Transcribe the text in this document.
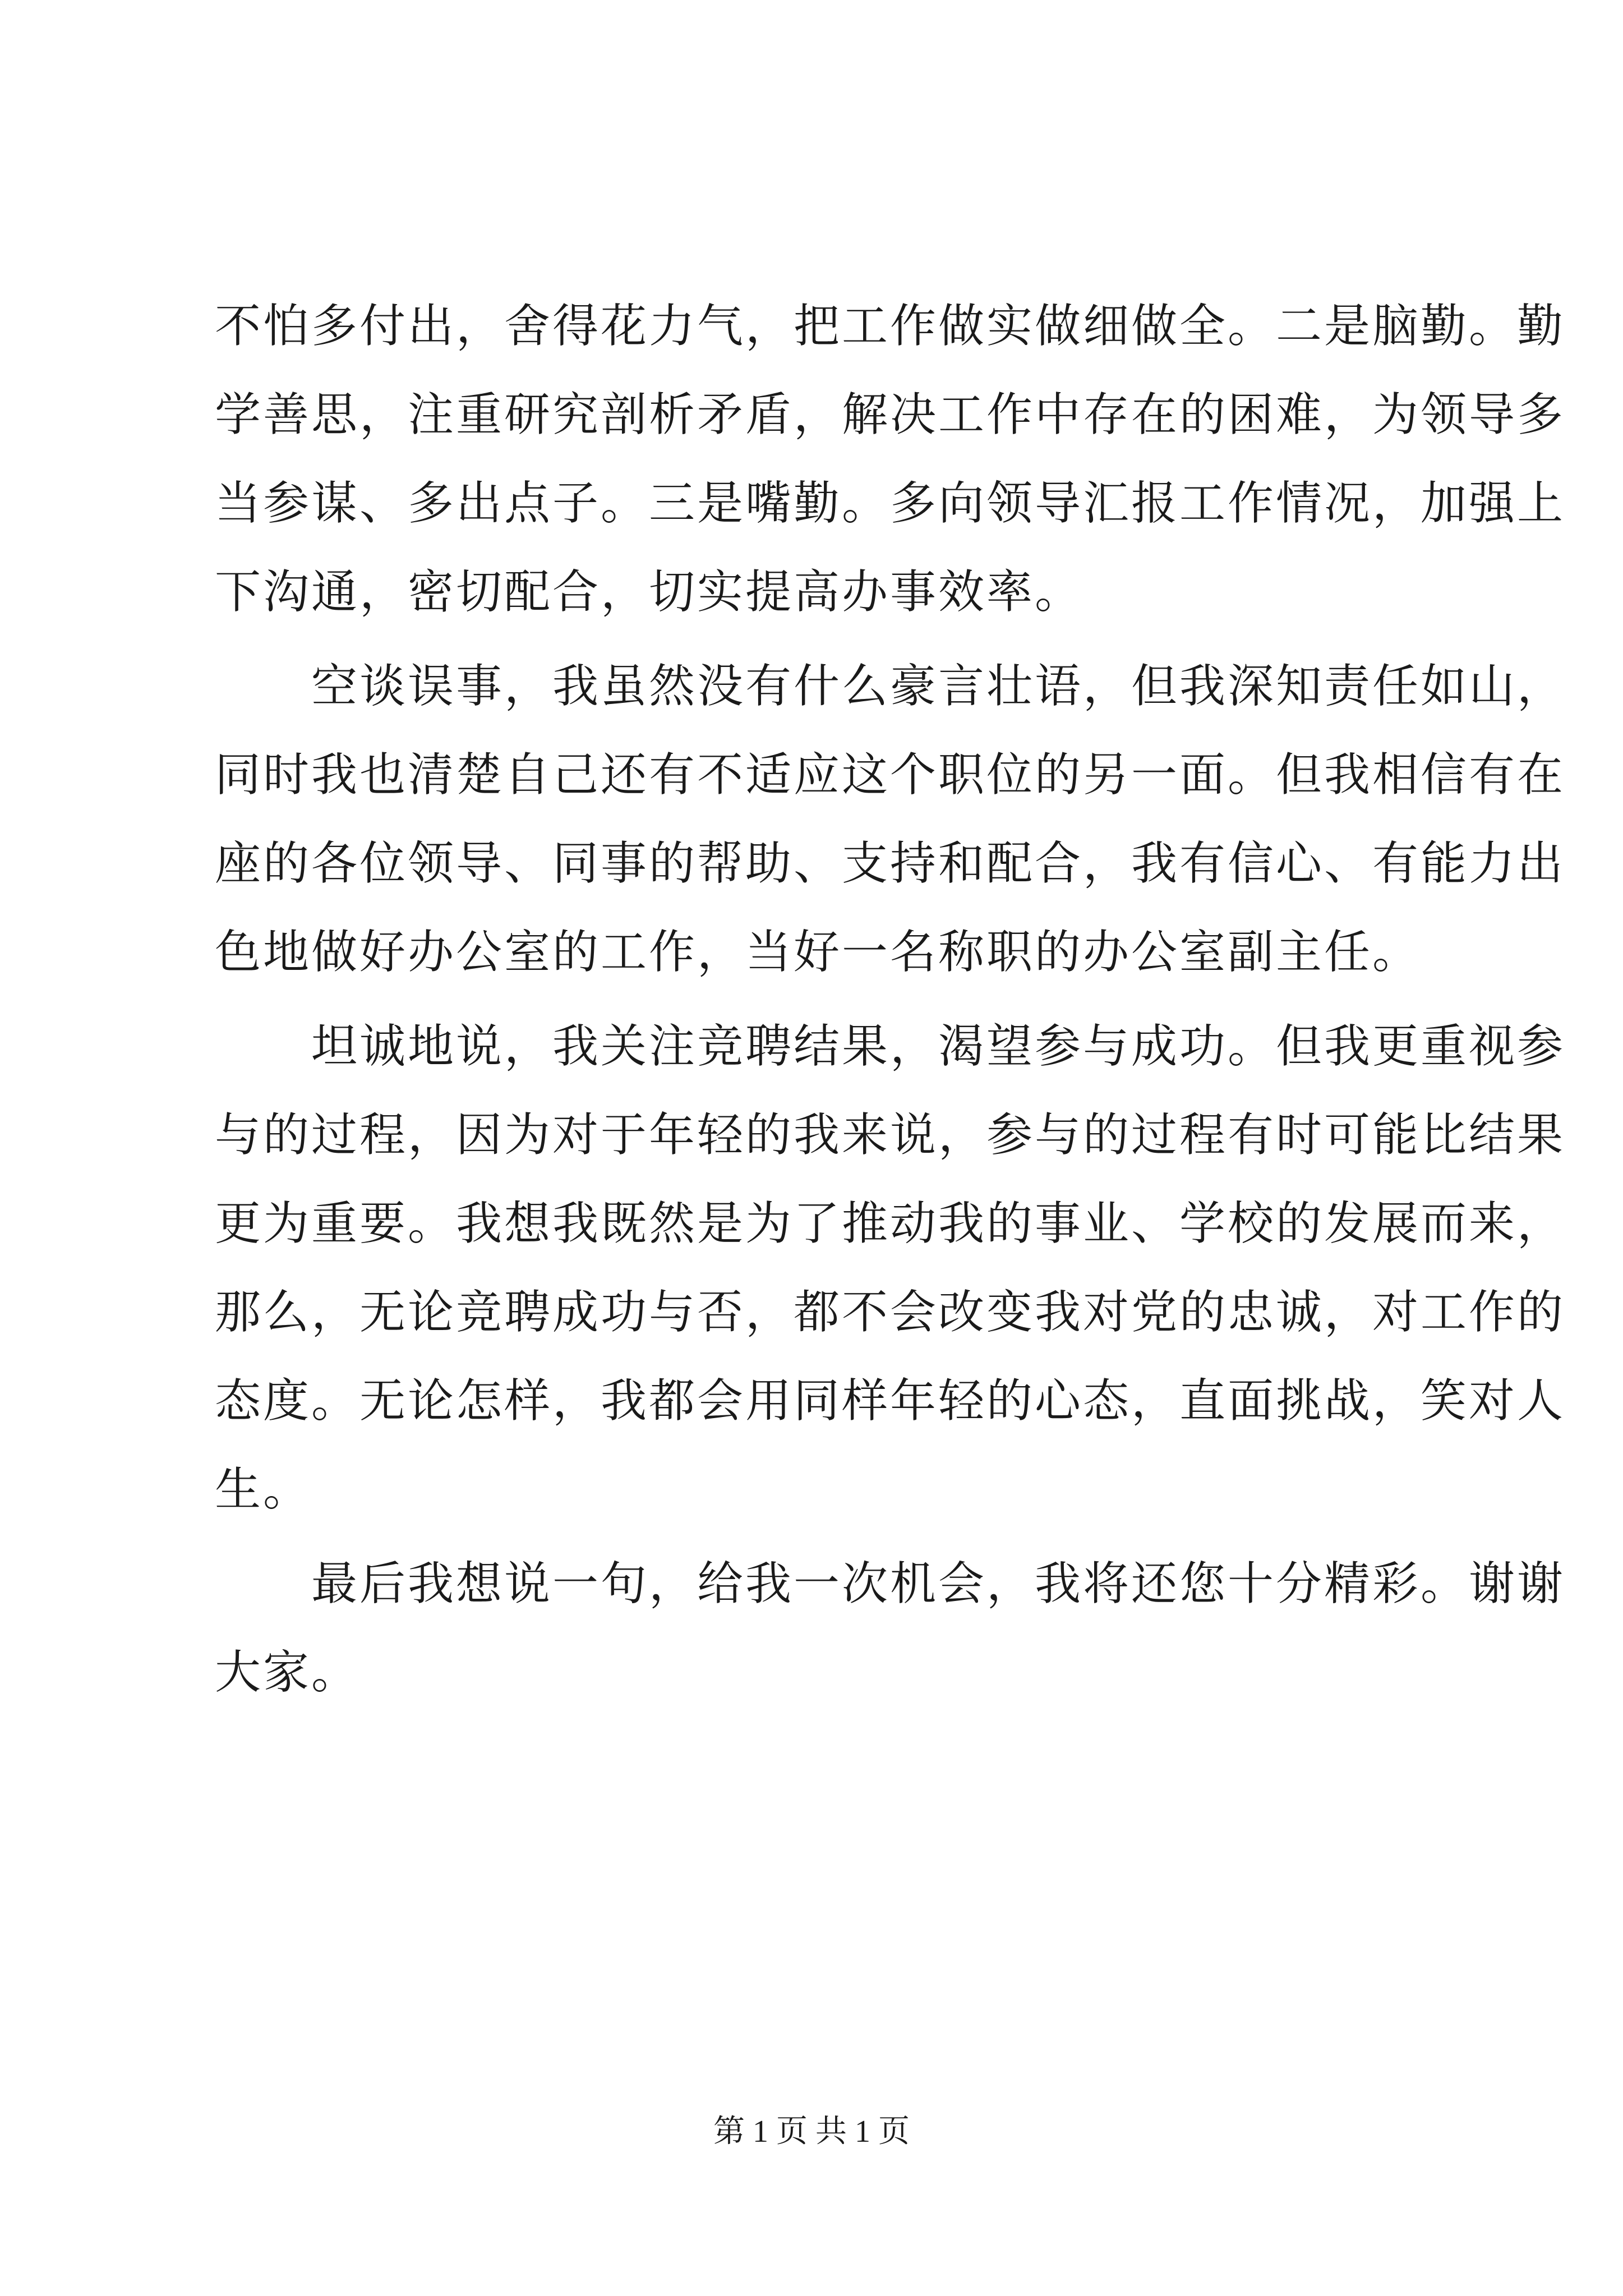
不怕多付出，舍得花力气，把工作做实做细做全。二是脑勤。勤
学善思，注重研究剖析矛盾，解决工作中存在的困难，为领导多
当参谋、多出点子。三是嘴勤。多向领导汇报工作情况，加强上
下沟通，密切配合，切实提高办事效率。
　　空谈误事，我虽然没有什么豪言壮语，但我深知责任如山，
同时我也清楚自己还有不适应这个职位的另一面。但我相信有在
座的各位领导、同事的帮助、支持和配合，我有信心、有能力出
色地做好办公室的工作，当好一名称职的办公室副主任。
　　坦诚地说，我关注竞聘结果，渴望参与成功。但我更重视参
与的过程，因为对于年轻的我来说，参与的过程有时可能比结果
更为重要。我想我既然是为了推动我的事业、学校的发展而来，
那么，无论竞聘成功与否，都不会改变我对党的忠诚，对工作的
态度。无论怎样，我都会用同样年轻的心态，直面挑战，笑对人
生。
　　最后我想说一句，给我一次机会，我将还您十分精彩。谢谢
大家。
第 1 页 共 1 页
